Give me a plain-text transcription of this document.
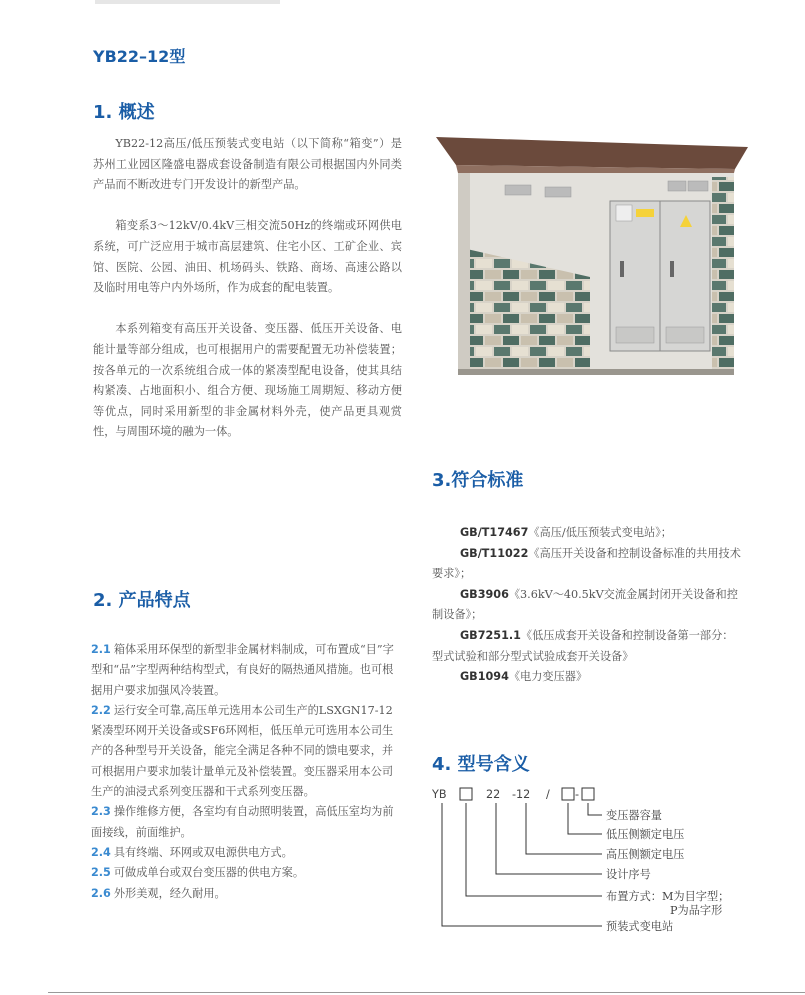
YB22–12型
1. 概述

YB22-12高压/低压预装式变电站（以下简称“箱变”）是苏州工业园区隆盛电器成套设备制造有限公司根据国内外同类产品而不断改进专门开发设计的新型产品。

箱变系3～12kV/0.4kV三相交流50Hz的终端或环网供电系统，可广泛应用于城市高层建筑、住宅小区、工矿企业、宾馆、医院、公园、油田、机场码头、铁路、商场、高速公路以及临时用电等户内外场所，作为成套的配电装置。

本系列箱变有高压开关设备、变压器、低压开关设备、电能计量等部分组成，也可根据用户的需要配置无功补偿装置；按各单元的一次系统组合成一体的紧凑型配电设备，使其具结构紧凑、占地面积小、组合方便、现场施工周期短、移动方便等优点，同时采用新型的非金属材料外壳，使产品更具观赏性，与周围环境的融为一体。

2. 产品特点
2.1 箱体采用环保型的新型非金属材料制成，可布置成“目”字型和“品”字型两种结构型式，有良好的隔热通风措施。也可根据用户要求加强风冷装置。
2.2 运行安全可靠,高压单元选用本公司生产的LSXGN17-12紧凑型环网开关设备或SF6环网柜，低压单元可选用本公司生产的各种型号开关设备，能完全满足各种不同的馈电要求，并可根据用户要求加装计量单元及补偿装置。变压器采用本公司生产的油浸式系列变压器和干式系列变压器。
2.3 操作维修方便，各室均有自动照明装置，高低压室均为前面接线，前面维护。
2.4 具有终端、环网或双电源供电方式。
2.5 可做成单台或双台变压器的供电方案。
2.6 外形美观，经久耐用。
3.符合标准
GB/T17467《高压/低压预装式变电站》；
GB/T11022《高压开关设备和控制设备标准的共用技术要求》；
GB3906《3.6kV～40.5kV交流金属封闭开关设备和控制设备》；
GB7251.1《低压成套开关设备和控制设备第一部分：型式试验和部分型式试验成套开关设备》
GB1094《电力变压器》
4. 型号含义
YB	22 -12 / -
变压器容量
低压侧额定电压
高压侧额定电压
设计序号
布置方式：M为目字型；
P为品字形
预装式变电站
